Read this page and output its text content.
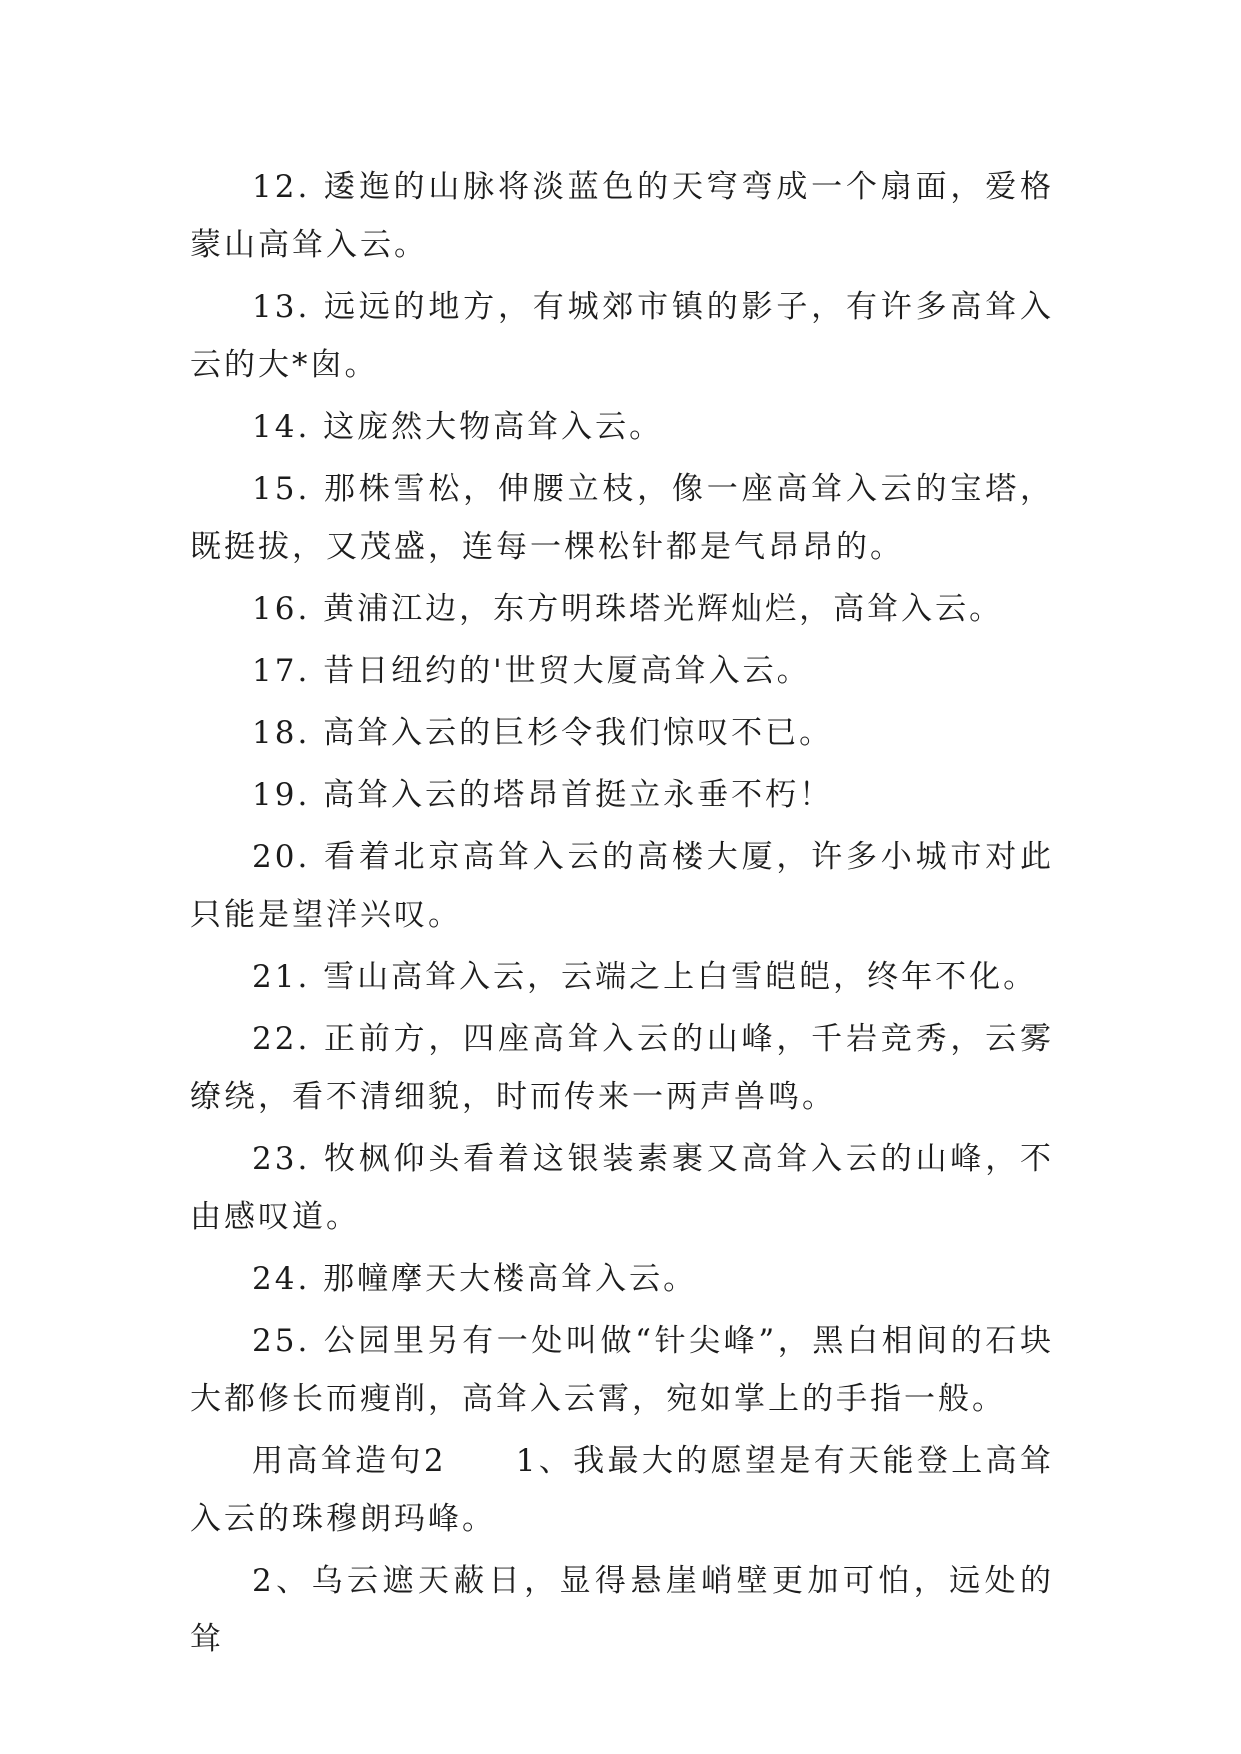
12. 逶迤的山脉将淡蓝色的天穹弯成一个扇面，爱格蒙山高耸入云。

13. 远远的地方，有城郊市镇的影子，有许多高耸入云的大*囱。

14. 这庞然大物高耸入云。

15. 那株雪松，伸腰立枝，像一座高耸入云的宝塔，既挺拔，又茂盛，连每一棵松针都是气昂昂的。

16. 黄浦江边，东方明珠塔光辉灿烂，高耸入云。

17. 昔日纽约的'世贸大厦高耸入云。

18. 高耸入云的巨杉令我们惊叹不已。

19. 高耸入云的塔昂首挺立永垂不朽！

20. 看着北京高耸入云的高楼大厦，许多小城市对此只能是望洋兴叹。

21. 雪山高耸入云，云端之上白雪皑皑，终年不化。

22. 正前方，四座高耸入云的山峰，千岩竞秀，云雾缭绕，看不清细貌，时而传来一两声兽鸣。

23. 牧枫仰头看着这银装素裹又高耸入云的山峰，不由感叹道。

24. 那幢摩天大楼高耸入云。

25. 公园里另有一处叫做“针尖峰”，黑白相间的石块大都修长而瘦削，高耸入云霄，宛如掌上的手指一般。

用高耸造句2　　1、我最大的愿望是有天能登上高耸入云的珠穆朗玛峰。

2、乌云遮天蔽日，显得悬崖峭壁更加可怕，远处的耸
